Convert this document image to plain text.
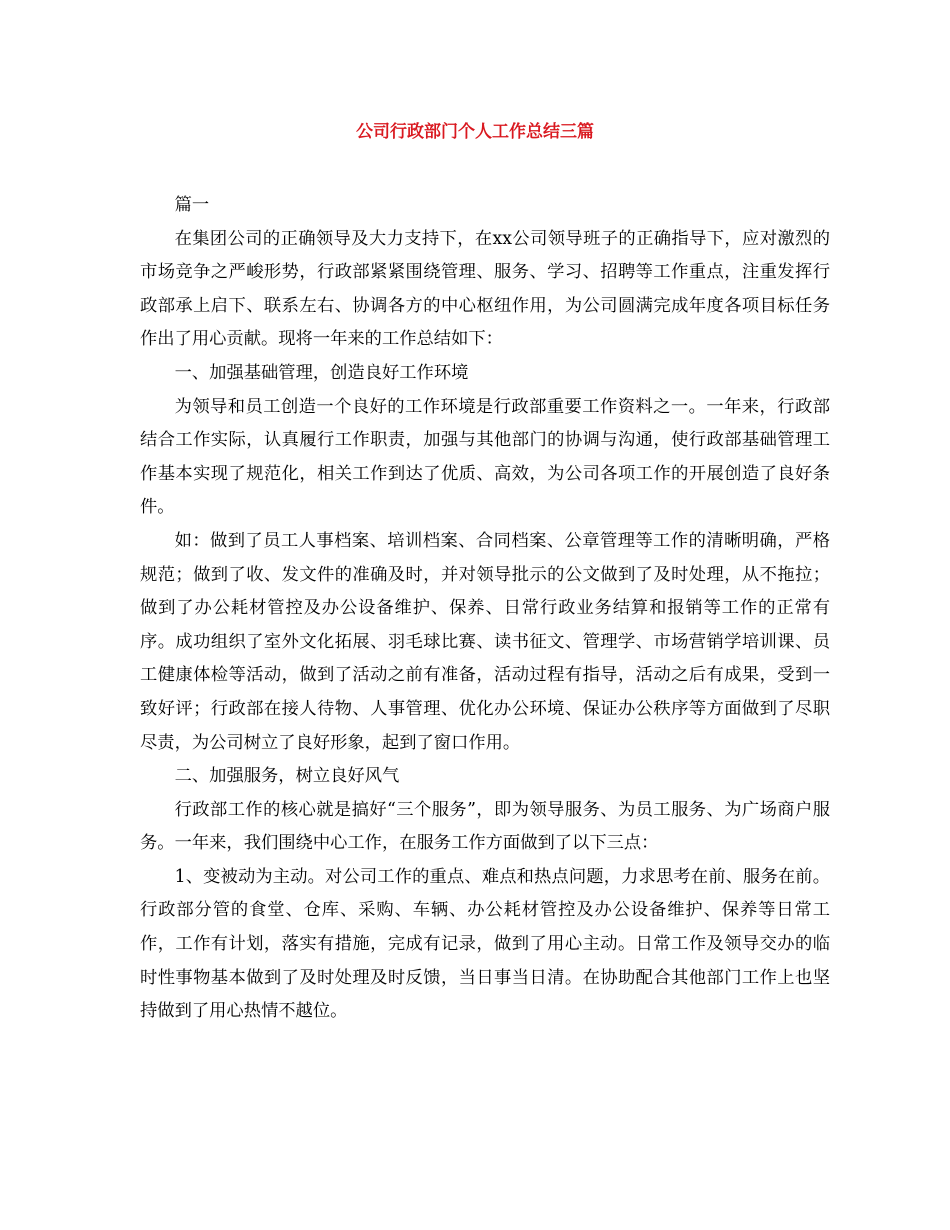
公司行政部门个人工作总结三篇

篇一

在集团公司的正确领导及大力支持下，在xx公司领导班子的正确指导下，应对激烈的市场竞争之严峻形势，行政部紧紧围绕管理、服务、学习、招聘等工作重点，注重发挥行政部承上启下、联系左右、协调各方的中心枢纽作用，为公司圆满完成年度各项目标任务作出了用心贡献。现将一年来的工作总结如下：

一、加强基础管理，创造良好工作环境

为领导和员工创造一个良好的工作环境是行政部重要工作资料之一。一年来，行政部结合工作实际，认真履行工作职责，加强与其他部门的协调与沟通，使行政部基础管理工作基本实现了规范化，相关工作到达了优质、高效，为公司各项工作的开展创造了良好条件。

如：做到了员工人事档案、培训档案、合同档案、公章管理等工作的清晰明确，严格规范；做到了收、发文件的准确及时，并对领导批示的公文做到了及时处理，从不拖拉；做到了办公耗材管控及办公设备维护、保养、日常行政业务结算和报销等工作的正常有序。成功组织了室外文化拓展、羽毛球比赛、读书征文、管理学、市场营销学培训课、员工健康体检等活动，做到了活动之前有准备，活动过程有指导，活动之后有成果，受到一致好评；行政部在接人待物、人事管理、优化办公环境、保证办公秩序等方面做到了尽职尽责，为公司树立了良好形象，起到了窗口作用。

二、加强服务，树立良好风气

行政部工作的核心就是搞好“三个服务”，即为领导服务、为员工服务、为广场商户服务。一年来，我们围绕中心工作，在服务工作方面做到了以下三点：

1、变被动为主动。对公司工作的重点、难点和热点问题，力求思考在前、服务在前。行政部分管的食堂、仓库、采购、车辆、办公耗材管控及办公设备维护、保养等日常工作，工作有计划，落实有措施，完成有记录，做到了用心主动。日常工作及领导交办的临时性事物基本做到了及时处理及时反馈，当日事当日清。在协助配合其他部门工作上也坚持做到了用心热情不越位。
